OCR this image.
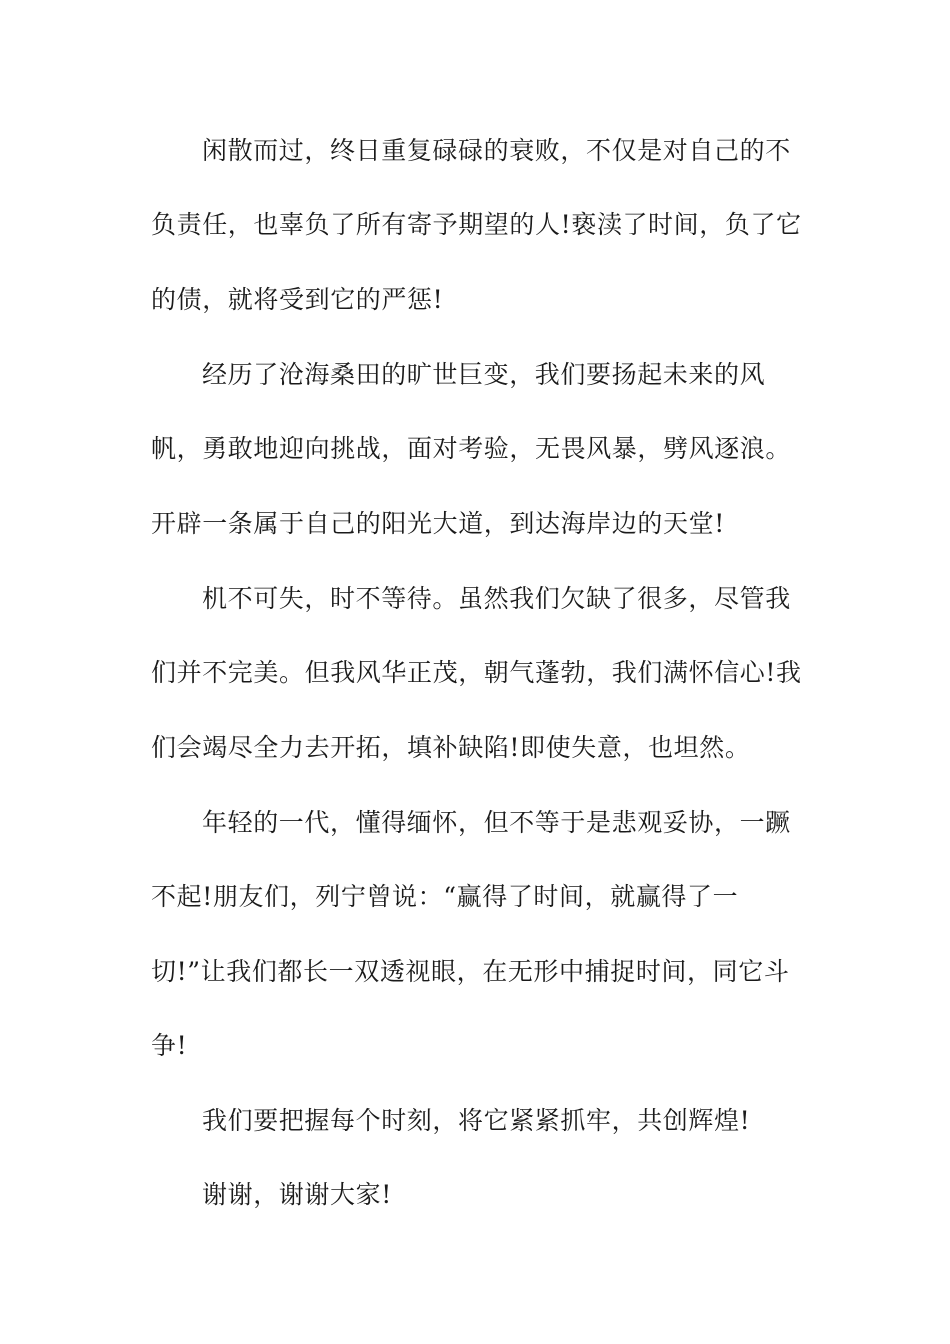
闲散而过，终日重复碌碌的衰败，不仅是对自己的不

负责任，也辜负了所有寄予期望的人!亵渎了时间，负了它

的债，就将受到它的严惩!

经历了沧海桑田的旷世巨变，我们要扬起未来的风

帆，勇敢地迎向挑战，面对考验，无畏风暴，劈风逐浪。

开辟一条属于自己的阳光大道，到达海岸边的天堂!

机不可失，时不等待。虽然我们欠缺了很多，尽管我

们并不完美。但我风华正茂，朝气蓬勃，我们满怀信心!我

们会竭尽全力去开拓，填补缺陷!即使失意，也坦然。

年轻的一代，懂得缅怀，但不等于是悲观妥协，一蹶

不起!朋友们，列宁曾说：“赢得了时间，就赢得了一

切!”让我们都长一双透视眼，在无形中捕捉时间，同它斗

争!

我们要把握每个时刻，将它紧紧抓牢，共创辉煌!

谢谢，谢谢大家!
